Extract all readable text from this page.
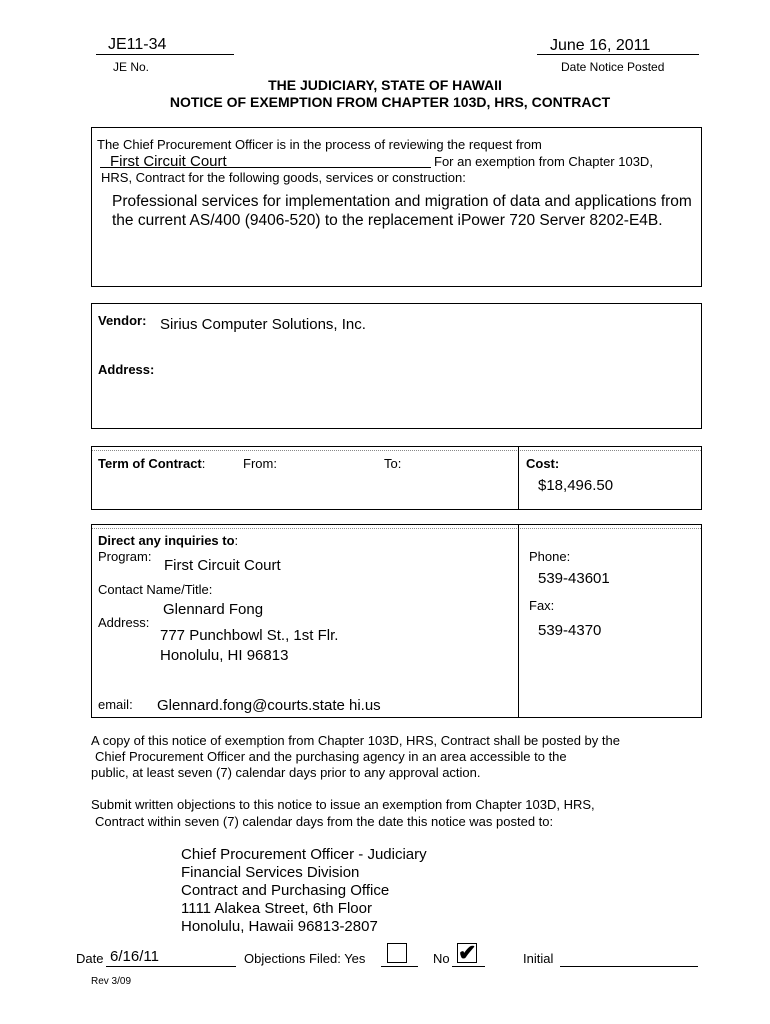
JE11-34
JE No.
June 16, 2011
Date Notice Posted
THE JUDICIARY, STATE OF HAWAII
NOTICE OF EXEMPTION FROM CHAPTER 103D, HRS, CONTRACT
The Chief Procurement Officer is in the process of reviewing the request from
First Circuit Court	For an exemption from Chapter 103D,
HRS, Contract for the following goods, services or construction:
Professional services for implementation and migration of data and applications from
the current AS/400 (9406-520) to the replacement iPower 720 Server 8202-E4B.
Vendor: Sirius Computer Solutions, Inc.
Address:
Term of Contract:	From:	To:	Cost:
$18,496.50
Direct any inquiries to:
Program:
First Circuit Court
Contact Name/Title:
Glennard Fong
Address:
777 Punchbowl St., 1st Flr.
Honolulu, HI 96813
Phone:
539-43601
Fax:
539-4370
email: Glennard.fong@courts.state hi.us
A copy of this notice of exemption from Chapter 103D, HRS, Contract shall be posted by the
Chief Procurement Officer and the purchasing agency in an area accessible to the
public, at least seven (7) calendar days prior to any approval action.
Submit written objections to this notice to issue an exemption from Chapter 103D, HRS,
Contract within seven (7) calendar days from the date this notice was posted to:
Chief Procurement Officer - Judiciary
Financial Services Division
Contract and Purchasing Office
1111 Alakea Street, 6th Floor
Honolulu, Hawaii 96813-2807
Date 6/16/11	Objections Filed: Yes	No ✔	Initial
Rev 3/09
